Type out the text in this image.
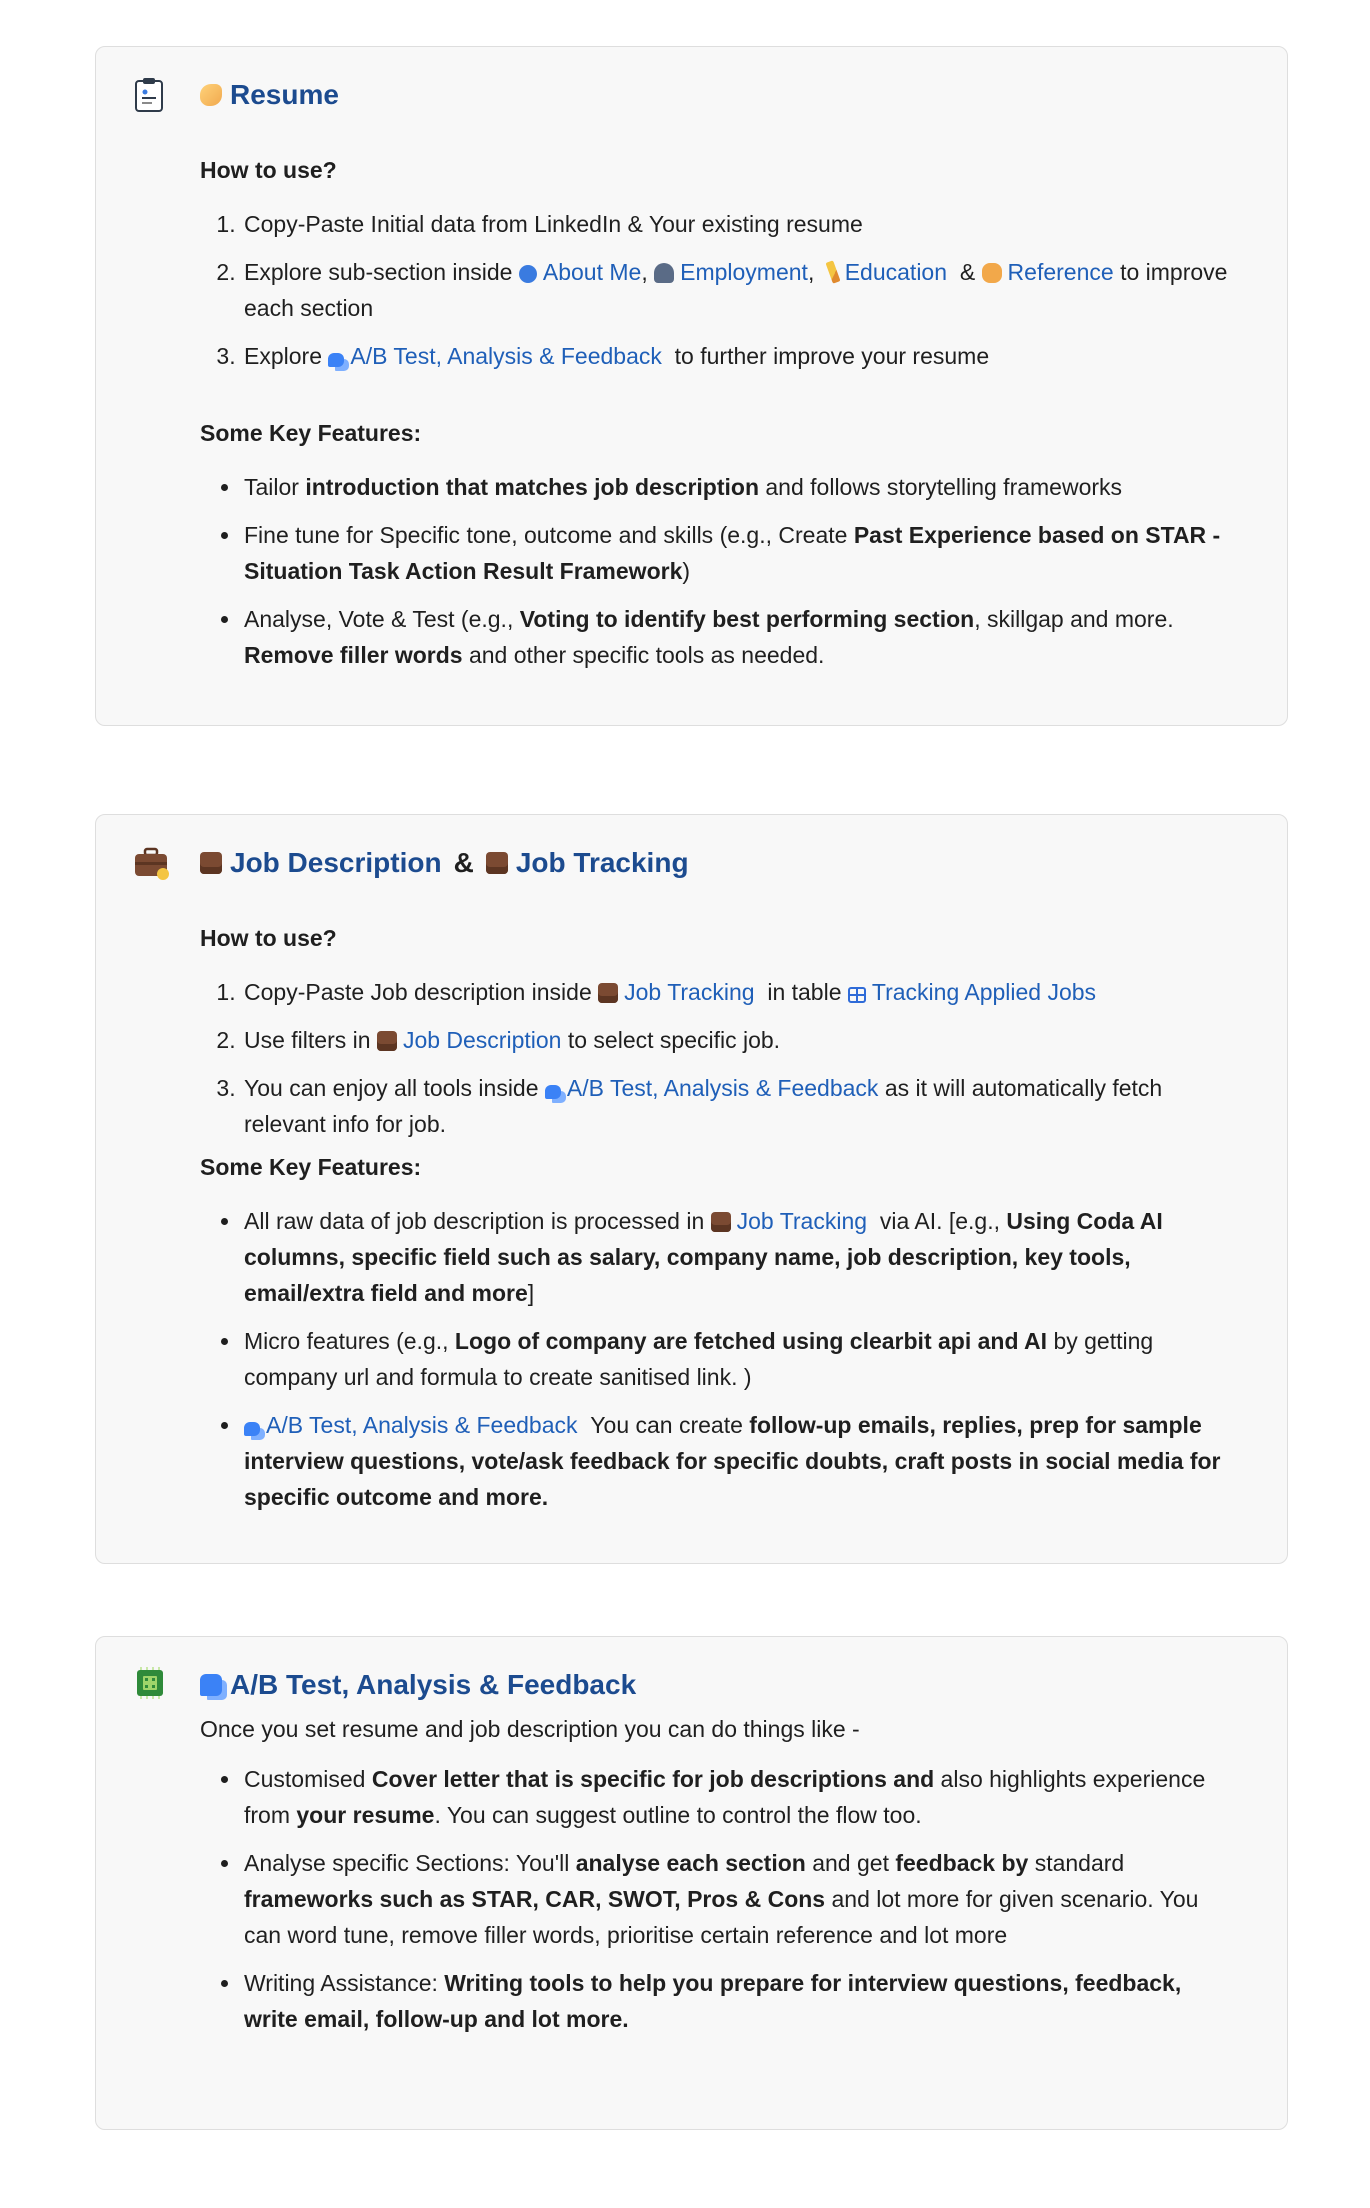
Resume
How to use?
1. Copy-Paste Initial data from LinkedIn & Your existing resume
2. Explore sub-section inside About Me, Employment, Education & Reference to improve each section
3. Explore A/B Test, Analysis & Feedback to further improve your resume
Some Key Features:
• Tailor introduction that matches job description and follows storytelling frameworks
• Fine tune for Specific tone, outcome and skills (e.g., Create Past Experience based on STAR - Situation Task Action Result Framework)
• Analyse, Vote & Test (e.g., Voting to identify best performing section, skillgap and more. Remove filler words and other specific tools as needed.
Job Description & Job Tracking
How to use?
1. Copy-Paste Job description inside Job Tracking in table Tracking Applied Jobs
2. Use filters in Job Description to select specific job.
3. You can enjoy all tools inside A/B Test, Analysis & Feedback as it will automatically fetch relevant info for job.
Some Key Features:
• All raw data of job description is processed in Job Tracking via AI. [e.g., Using Coda AI columns, specific field such as salary, company name, job description, key tools, email/extra field and more]
• Micro features (e.g., Logo of company are fetched using clearbit api and AI by getting company url and formula to create sanitised link. )
• A/B Test, Analysis & Feedback You can create follow-up emails, replies, prep for sample interview questions, vote/ask feedback for specific doubts, craft posts in social media for specific outcome and more.
A/B Test, Analysis & Feedback
Once you set resume and job description you can do things like -
• Customised Cover letter that is specific for job descriptions and also highlights experience from your resume. You can suggest outline to control the flow too.
• Analyse specific Sections: You'll analyse each section and get feedback by standard frameworks such as STAR, CAR, SWOT, Pros & Cons and lot more for given scenario. You can word tune, remove filler words, prioritise certain reference and lot more
• Writing Assistance: Writing tools to help you prepare for interview questions, feedback, write email, follow-up and lot more.
